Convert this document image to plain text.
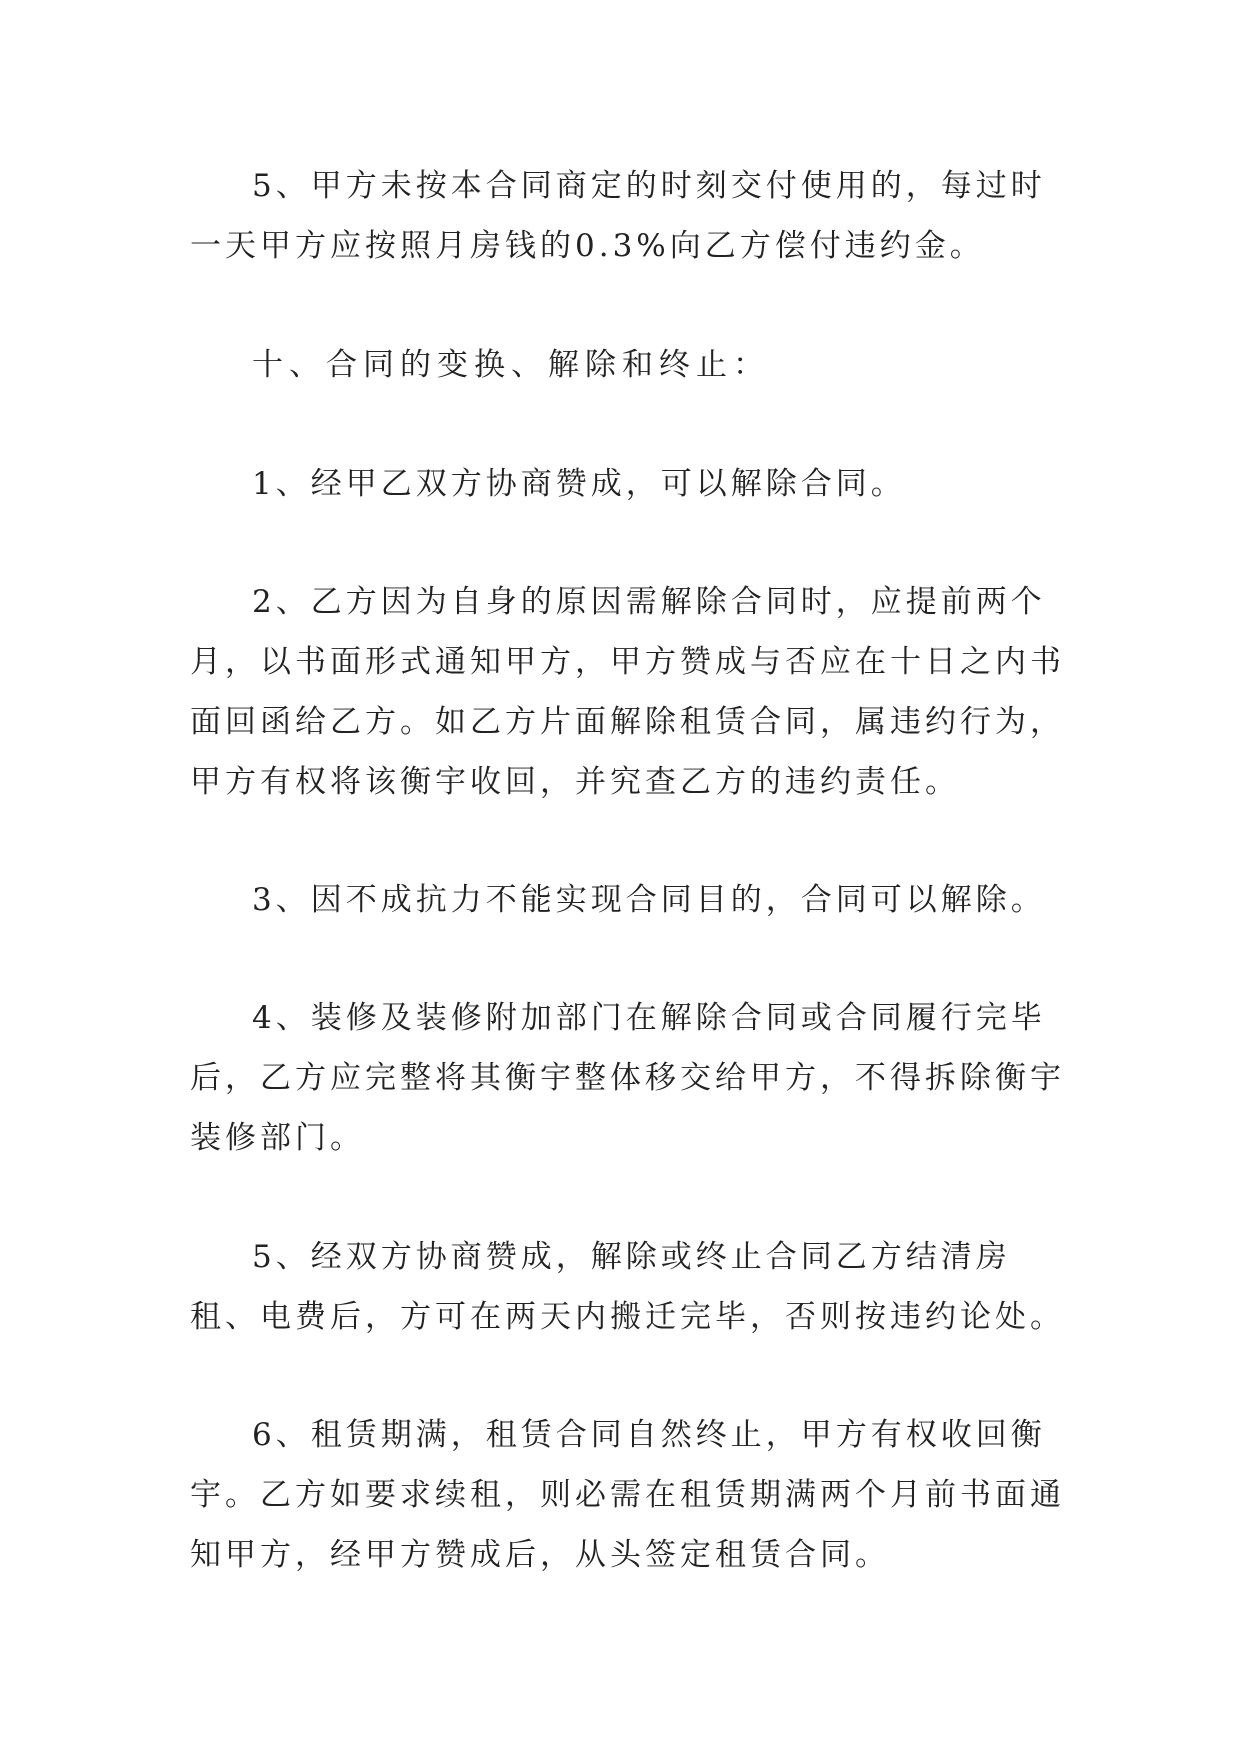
5、甲方未按本合同商定的时刻交付使用的，每过时一天甲方应按照月房钱的0.3%向乙方偿付违约金。

十、合同的变换、解除和终止：

1、经甲乙双方协商赞成，可以解除合同。

2、乙方因为自身的原因需解除合同时，应提前两个月，以书面形式通知甲方，甲方赞成与否应在十日之内书面回函给乙方。如乙方片面解除租赁合同，属违约行为，甲方有权将该衡宇收回，并究查乙方的违约责任。

3、因不成抗力不能实现合同目的，合同可以解除。

4、装修及装修附加部门在解除合同或合同履行完毕后，乙方应完整将其衡宇整体移交给甲方，不得拆除衡宇装修部门。

5、经双方协商赞成，解除或终止合同乙方结清房租、电费后，方可在两天内搬迁完毕，否则按违约论处。

6、租赁期满，租赁合同自然终止，甲方有权收回衡宇。乙方如要求续租，则必需在租赁期满两个月前书面通知甲方，经甲方赞成后，从头签定租赁合同。
